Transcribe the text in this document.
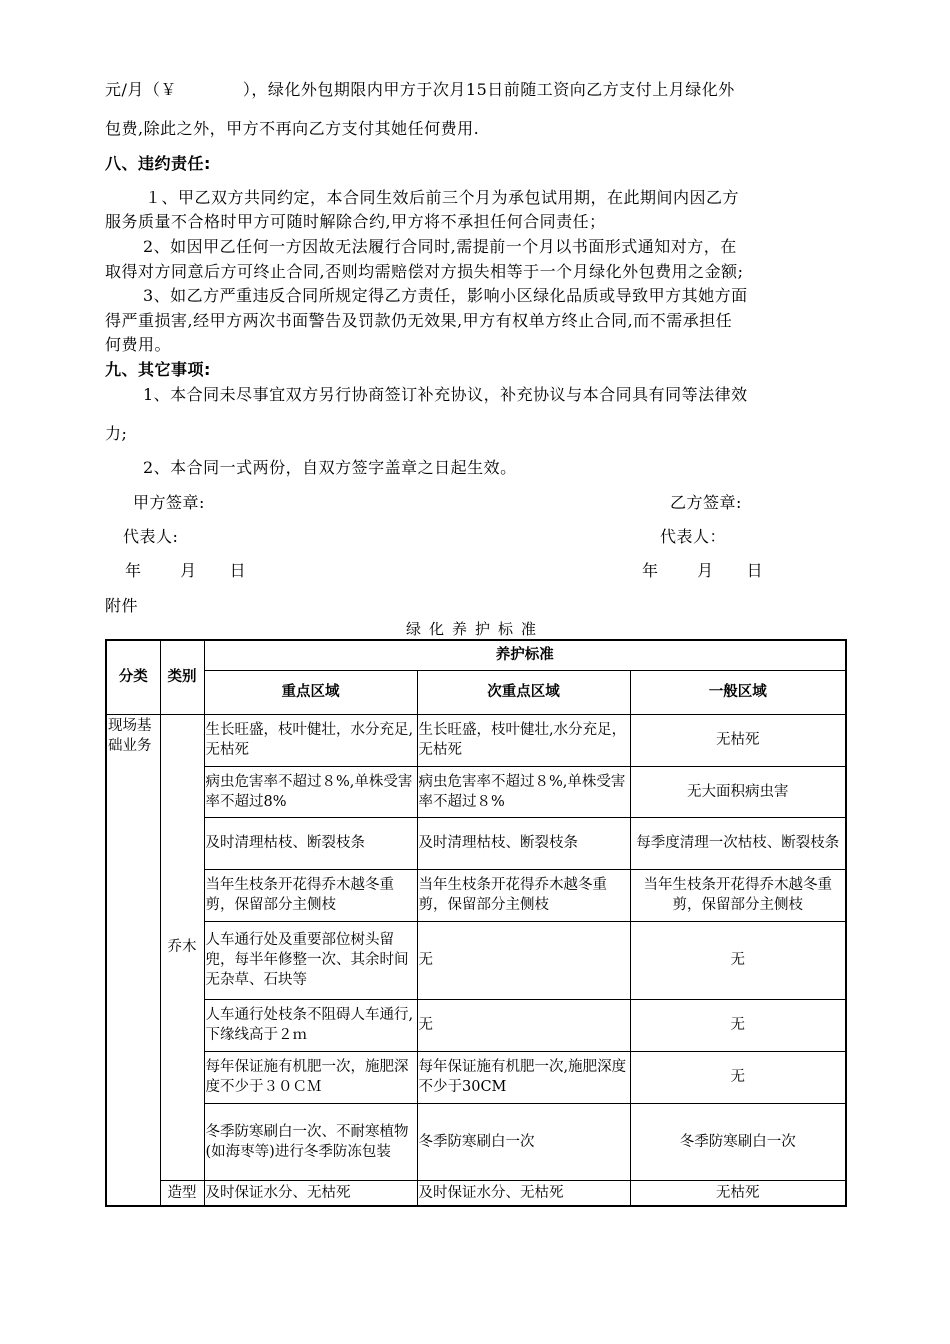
元/月（￥　　　　），绿化外包期限内甲方于次月15日前随工资向乙方支付上月绿化外
包费,除此之外，甲方不再向乙方支付其她任何费用.
八、违约责任:
１、甲乙双方共同约定，本合同生效后前三个月为承包试用期，在此期间内因乙方
服务质量不合格时甲方可随时解除合约,甲方将不承担任何合同责任；
2、如因甲乙任何一方因故无法履行合同时,需提前一个月以书面形式通知对方，在
取得对方同意后方可终止合同,否则均需赔偿对方损失相等于一个月绿化外包费用之金额;
3、如乙方严重违反合同所规定得乙方责任，影响小区绿化品质或导致甲方其她方面
得严重损害,经甲方两次书面警告及罚款仍无效果,甲方有权单方终止合同,而不需承担任
何费用。
九、其它事项:
1、本合同未尽事宜双方另行协商签订补充协议，补充协议与本合同具有同等法律效
力;
2、本合同一式两份，自双方签字盖章之日起生效。
甲方签章:	乙方签章:
代表人:	代表人：
年　　 月　　日	年　　 月　　日
附件
绿化养护标准
分类	类别	养护标准		
		重点区域	次重点区域	一般区域
现场基础业务	乔木	生长旺盛，枝叶健壮，水分充足,无枯死	生长旺盛，枝叶健壮,水分充足，无枯死	无枯死
		病虫危害率不超过８%,单株受害率不超过8%	病虫危害率不超过８%,单株受害率不超过８%	无大面积病虫害
		及时清理枯枝、断裂枝条	及时清理枯枝、断裂枝条	每季度清理一次枯枝、断裂枝条
		当年生枝条开花得乔木越冬重剪，保留部分主侧枝	当年生枝条开花得乔木越冬重剪，保留部分主侧枝	当年生枝条开花得乔木越冬重剪，保留部分主侧枝
		人车通行处及重要部位树头留兜，每半年修整一次、其余时间无杂草、石块等	无	无
		人车通行处枝条不阻碍人车通行,下缘线高于２ｍ	无	无
		每年保证施有机肥一次，施肥深度不少于３０ＣＭ	每年保证施有机肥一次,施肥深度不少于30CM	无
		冬季防寒刷白一次、不耐寒植物(如海枣等)进行冬季防冻包装	冬季防寒刷白一次	冬季防寒刷白一次
	造型	及时保证水分、无枯死	及时保证水分、无枯死	无枯死
